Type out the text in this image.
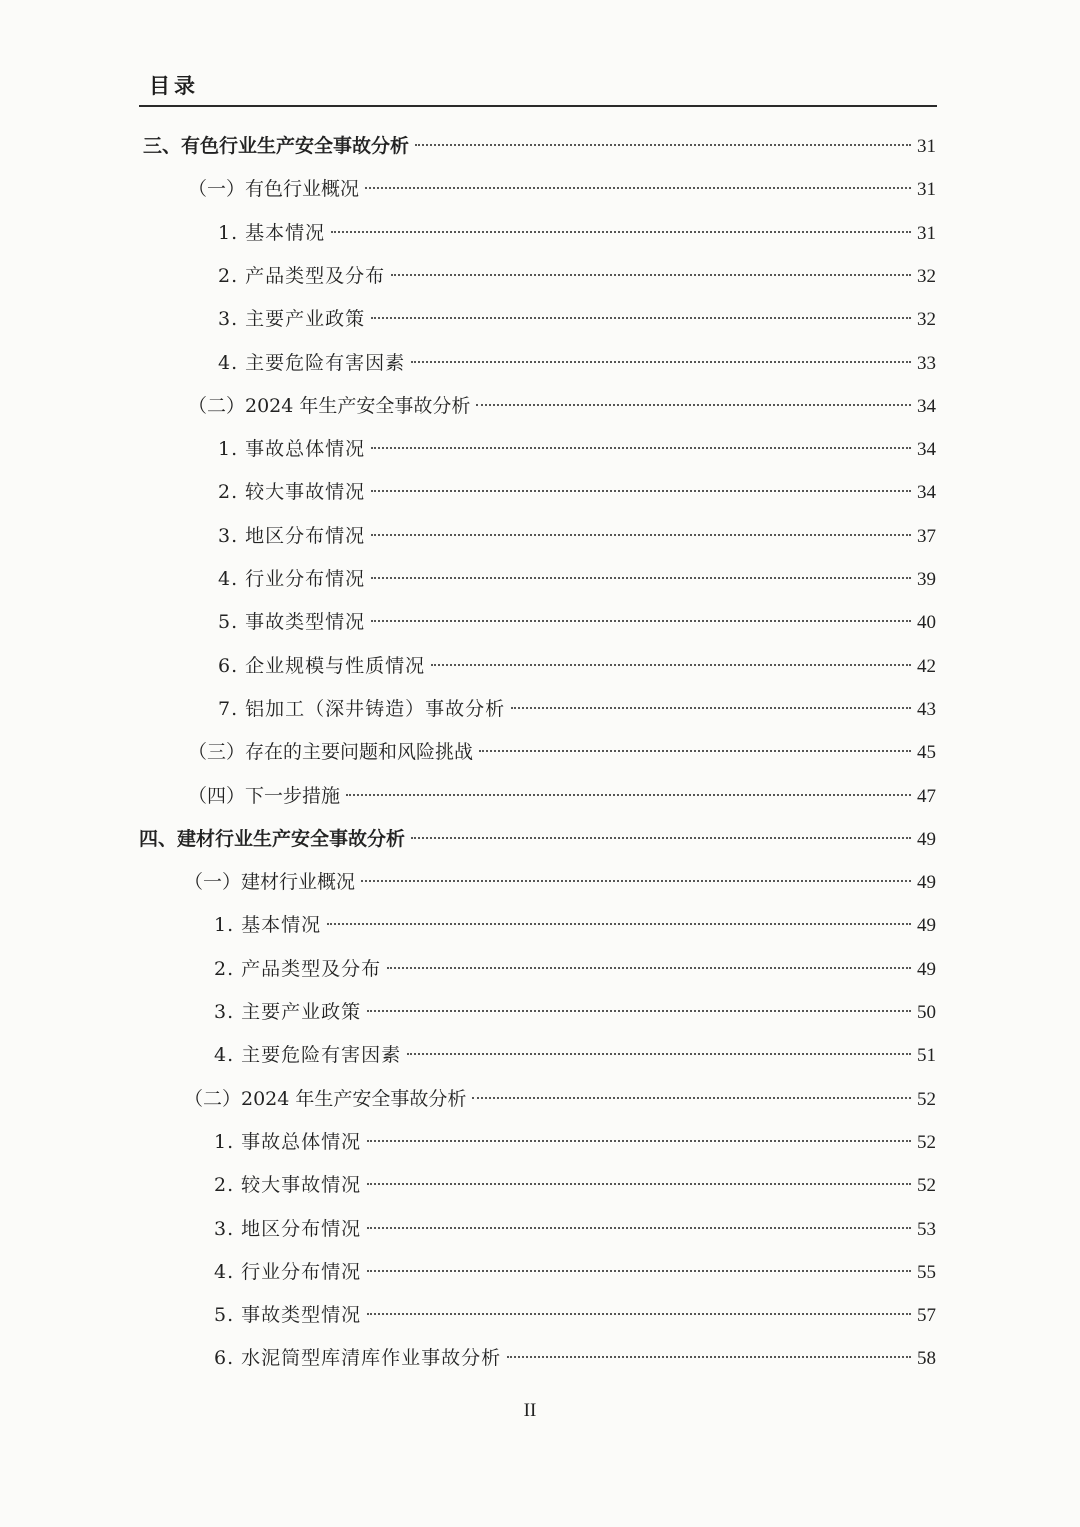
目录
三、有色行业生产安全事故分析	31
（一）有色行业概况	31
1. 基本情况	31
2. 产品类型及分布	32
3. 主要产业政策	32
4. 主要危险有害因素	33
（二）2024 年生产安全事故分析	34
1. 事故总体情况	34
2. 较大事故情况	34
3. 地区分布情况	37
4. 行业分布情况	39
5. 事故类型情况	40
6. 企业规模与性质情况	42
7. 铝加工（深井铸造）事故分析	43
（三）存在的主要问题和风险挑战	45
（四）下一步措施	47
四、建材行业生产安全事故分析	49
（一）建材行业概况	49
1. 基本情况	49
2. 产品类型及分布	49
3. 主要产业政策	50
4. 主要危险有害因素	51
（二）2024 年生产安全事故分析	52
1. 事故总体情况	52
2. 较大事故情况	52
3. 地区分布情况	53
4. 行业分布情况	55
5. 事故类型情况	57
6. 水泥筒型库清库作业事故分析	58
II
